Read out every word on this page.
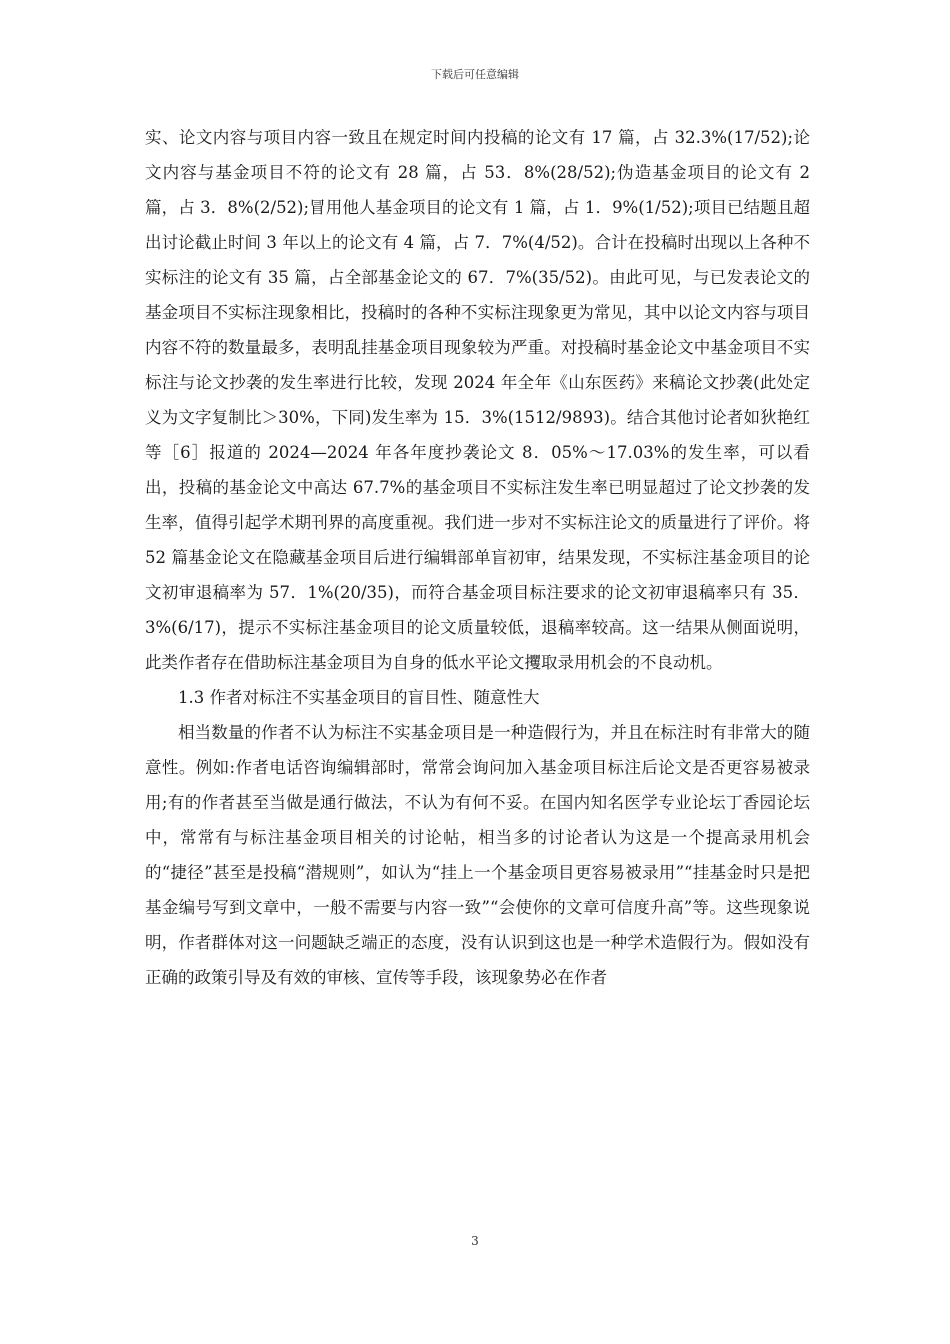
下载后可任意编辑

实、论文内容与项目内容一致且在规定时间内投稿的论文有 17 篇，占 32.3%(17/52);论文内容与基金项目不符的论文有 28 篇，占 53．8%(28/52);伪造基金项目的论文有 2 篇，占 3．8%(2/52);冒用他人基金项目的论文有 1 篇，占 1．9%(1/52);项目已结题且超出讨论截止时间 3 年以上的论文有 4 篇，占 7．7%(4/52)。合计在投稿时出现以上各种不实标注的论文有 35 篇，占全部基金论文的 67．7%(35/52)。由此可见，与已发表论文的基金项目不实标注现象相比，投稿时的各种不实标注现象更为常见，其中以论文内容与项目内容不符的数量最多，表明乱挂基金项目现象较为严重。对投稿时基金论文中基金项目不实标注与论文抄袭的发生率进行比较，发现 2024 年全年《山东医药》来稿论文抄袭(此处定义为文字复制比＞30%，下同)发生率为 15．3%(1512/9893)。结合其他讨论者如狄艳红等［6］报道的 2024—2024 年各年度抄袭论文 8．05%～17.03%的发生率，可以看出，投稿的基金论文中高达 67.7%的基金项目不实标注发生率已明显超过了论文抄袭的发生率，值得引起学术期刊界的高度重视。我们进一步对不实标注论文的质量进行了评价。将 52 篇基金论文在隐藏基金项目后进行编辑部单盲初审，结果发现，不实标注基金项目的论文初审退稿率为 57．1%(20/35)，而符合基金项目标注要求的论文初审退稿率只有 35．3%(6/17)，提示不实标注基金项目的论文质量较低，退稿率较高。这一结果从侧面说明，此类作者存在借助标注基金项目为自身的低水平论文攫取录用机会的不良动机。

1.3 作者对标注不实基金项目的盲目性、随意性大

相当数量的作者不认为标注不实基金项目是一种造假行为，并且在标注时有非常大的随意性。例如:作者电话咨询编辑部时，常常会询问加入基金项目标注后论文是否更容易被录用;有的作者甚至当做是通行做法，不认为有何不妥。在国内知名医学专业论坛丁香园论坛中，常常有与标注基金项目相关的讨论帖，相当多的讨论者认为这是一个提高录用机会的“捷径”甚至是投稿“潜规则”，如认为“挂上一个基金项目更容易被录用”“挂基金时只是把基金编号写到文章中，一般不需要与内容一致”“会使你的文章可信度升高”等。这些现象说明，作者群体对这一问题缺乏端正的态度，没有认识到这也是一种学术造假行为。假如没有正确的政策引导及有效的审核、宣传等手段，该现象势必在作者

3
